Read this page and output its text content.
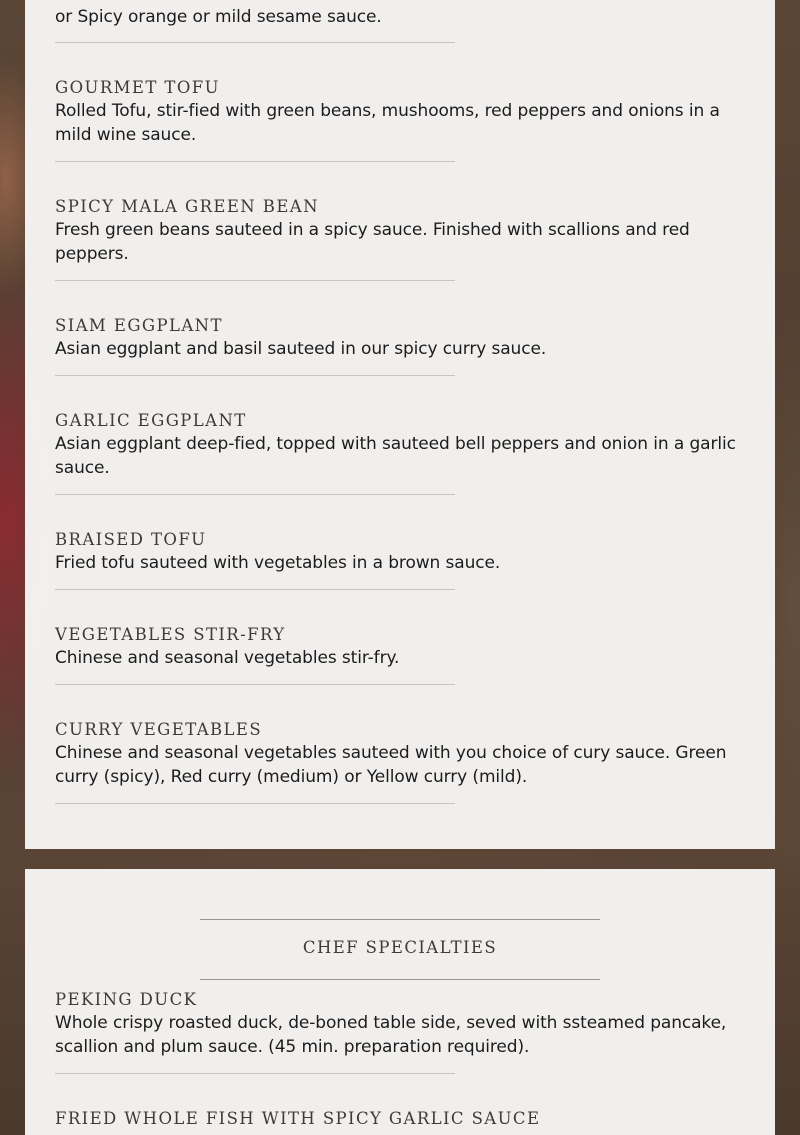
or Spicy orange or mild sesame sauce.
GOURMET TOFU
Rolled Tofu, stir-fied with green beans, mushooms, red peppers and onions in a mild wine sauce.
SPICY MALA GREEN BEAN
Fresh green beans sauteed in a spicy sauce. Finished with scallions and red peppers.
SIAM EGGPLANT
Asian eggplant and basil sauteed in our spicy curry sauce.
GARLIC EGGPLANT
Asian eggplant deep-fied, topped with sauteed bell peppers and onion in a garlic sauce.
BRAISED TOFU
Fried tofu sauteed with vegetables in a brown sauce.
VEGETABLES STIR-FRY
Chinese and seasonal vegetables stir-fry.
CURRY VEGETABLES
Chinese and seasonal vegetables sauteed with you choice of cury sauce. Green curry (spicy), Red curry (medium) or Yellow curry (mild).
CHEF SPECIALTIES
PEKING DUCK
Whole crispy roasted duck, de-boned table side, seved with ssteamed pancake, scallion and plum sauce. (45 min. preparation required).
FRIED WHOLE FISH WITH SPICY GARLIC SAUCE
